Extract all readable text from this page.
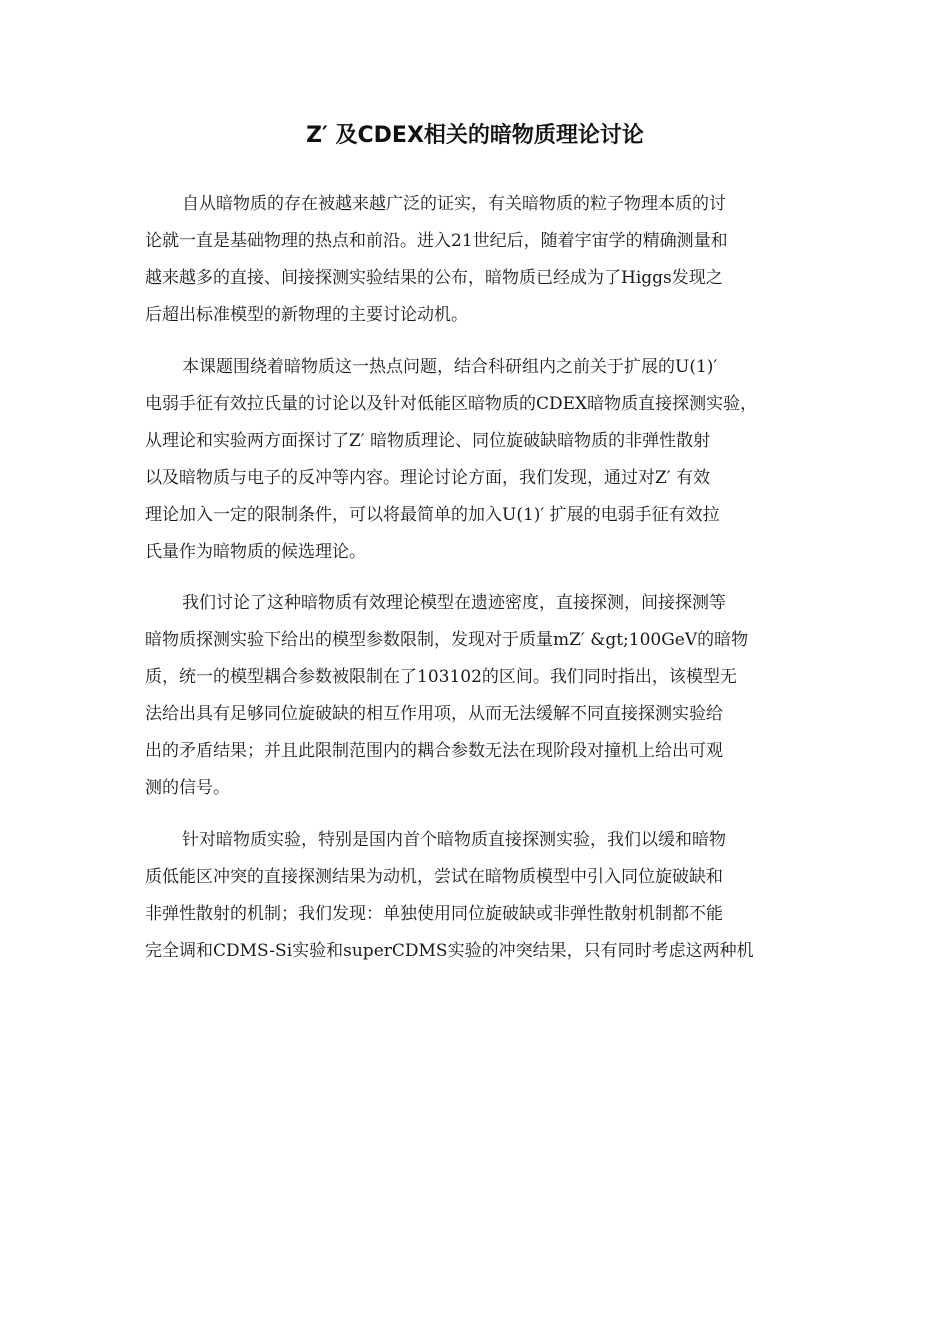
Z′ 及CDEX相关的暗物质理论讨论

自从暗物质的存在被越来越广泛的证实，有关暗物质的粒子物理本质的讨
论就一直是基础物理的热点和前沿。进入21世纪后，随着宇宙学的精确测量和
越来越多的直接、间接探测实验结果的公布，暗物质已经成为了Higgs发现之
后超出标准模型的新物理的主要讨论动机。

本课题围绕着暗物质这一热点问题，结合科研组内之前关于扩展的U(1)′
电弱手征有效拉氏量的讨论以及针对低能区暗物质的CDEX暗物质直接探测实验，
从理论和实验两方面探讨了Z′ 暗物质理论、同位旋破缺暗物质的非弹性散射
以及暗物质与电子的反冲等内容。理论讨论方面，我们发现，通过对Z′ 有效
理论加入一定的限制条件，可以将最简单的加入U(1)′ 扩展的电弱手征有效拉
氏量作为暗物质的候选理论。

我们讨论了这种暗物质有效理论模型在遗迹密度，直接探测，间接探测等
暗物质探测实验下给出的模型参数限制，发现对于质量mZ′ &gt;100GeV的暗物
质，统一的模型耦合参数被限制在了103102的区间。我们同时指出，该模型无
法给出具有足够同位旋破缺的相互作用项，从而无法缓解不同直接探测实验给
出的矛盾结果；并且此限制范围内的耦合参数无法在现阶段对撞机上给出可观
测的信号。

针对暗物质实验，特别是国内首个暗物质直接探测实验，我们以缓和暗物
质低能区冲突的直接探测结果为动机，尝试在暗物质模型中引入同位旋破缺和
非弹性散射的机制；我们发现：单独使用同位旋破缺或非弹性散射机制都不能
完全调和CDMS-Si实验和superCDMS实验的冲突结果，只有同时考虑这两种机
